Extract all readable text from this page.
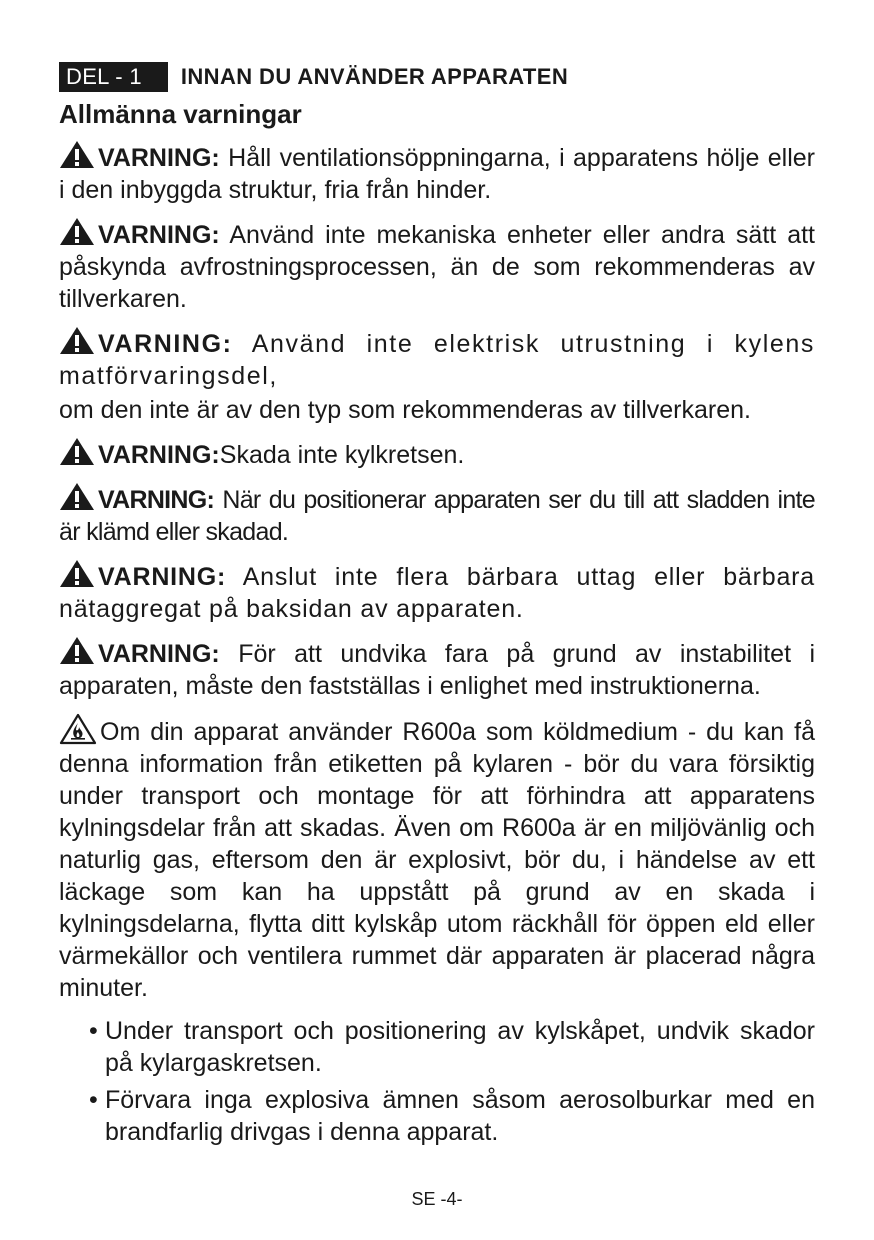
DEL - 1	INNAN DU ANVÄNDER APPARATEN
Allmänna varningar

VARNING: Håll ventilationsöppningarna, i apparatens hölje eller i den inbyggda struktur, fria från hinder.

VARNING: Använd inte mekaniska enheter eller andra sätt att påskynda avfrostningsprocessen, än de som rekommenderas av tillverkaren.

VARNING: Använd inte elektrisk utrustning i kylens matförvaringsdel,

om den inte är av den typ som rekommenderas av tillverkaren.

VARNING:Skada inte kylkretsen.

VARNING: När du positionerar apparaten ser du till att sladden inte är klämd eller skadad.

VARNING: Anslut inte flera bärbara uttag eller bärbara nätaggregat på baksidan av apparaten.

VARNING: För att undvika fara på grund av instabilitet i apparaten, måste den fastställas i enlighet med instruktionerna.

Om din apparat använder R600a som köldmedium - du kan få denna information från etiketten på kylaren - bör du vara försiktig under transport och montage för att förhindra att apparatens kylningsdelar från att skadas. Även om R600a är en miljövänlig och naturlig gas, eftersom den är explosivt, bör du, i händelse av ett läckage som kan ha uppstått på grund av en skada i kylningsdelarna, flytta ditt kylskåp utom räckhåll för öppen eld eller värmekällor och ventilera rummet där apparaten är placerad några minuter.

• Under transport och positionering av kylskåpet, undvik skador på kylargaskretsen.
• Förvara inga explosiva ämnen såsom aerosolburkar med en brandfarlig drivgas i denna apparat.
SE -4-
